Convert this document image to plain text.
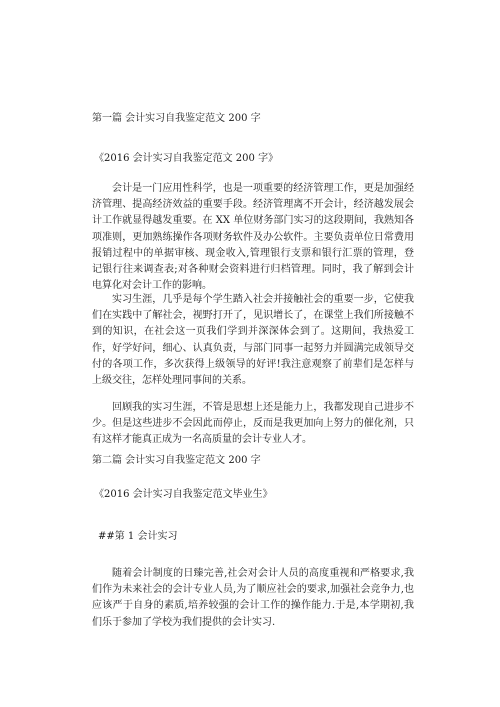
第一篇 会计实习自我鉴定范文 200 字
《2016 会计实习自我鉴定范文 200 字》

会计是一门应用性科学，也是一项重要的经济管理工作，更是加强经济管理、提高经济效益的重要手段。经济管理离不开会计，经济越发展会计工作就显得越发重要。在 XX 单位财务部门实习的这段期间，我熟知各项准则，更加熟练操作各项财务软件及办公软件。主要负责单位日常费用报销过程中的单据审核、现金收入,管理银行支票和银行汇票的管理，登记银行往来调查表;对各种财会资料进行归档管理。同时，我了解到会计电算化对会计工作的影响。

实习生涯，几乎是每个学生踏入社会并接触社会的重要一步，它使我们在实践中了解社会，视野打开了，见识增长了，在课堂上我们所接触不到的知识，在社会这一页我们学到并深深体会到了。这期间，我热爱工作，好学好问，细心、认真负责，与部门同事一起努力并圆满完成领导交付的各项工作，多次获得上级领导的好评!我注意观察了前辈们是怎样与上级交往，怎样处理同事间的关系。

回顾我的实习生涯，不管是思想上还是能力上，我都发现自己进步不少。但是这些进步不会因此而停止，反而是我更加向上努力的催化剂，只有这样才能真正成为一名高质量的会计专业人才。

第二篇 会计实习自我鉴定范文 200 字
《2016 会计实习自我鉴定范文毕业生》
##第 1 会计实习

随着会计制度的日臻完善,社会对会计人员的高度重视和严格要求,我们作为未来社会的会计专业人员,为了顺应社会的要求,加强社会竞争力,也应该严于自身的素质,培养较强的会计工作的操作能力.于是,本学期初,我们乐于参加了学校为我们提供的会计实习.
